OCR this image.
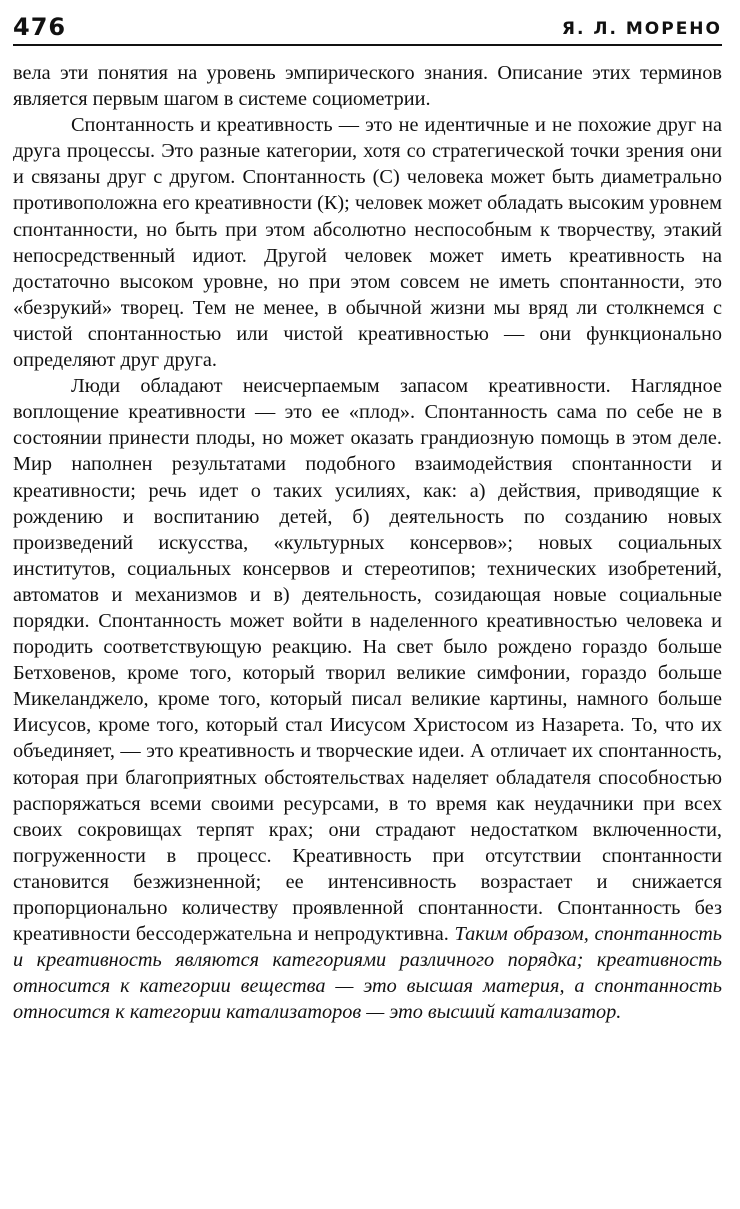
476	Я. Л. МОРЕНО

вела эти понятия на уровень эмпирического знания. Описание этих терминов является первым шагом в системе социометрии.

Спонтанность и креативность — это не идентичные и не похожие друг на друга процессы. Это разные категории, хотя со стратегической точки зрения они и связаны друг с другом. Спонтанность (С) человека может быть диаметрально противоположна его креативности (К); человек может обладать высоким уровнем спонтанности, но быть при этом абсолютно неспособным к творчеству, этакий непосредственный идиот. Другой человек может иметь креативность на достаточно высоком уровне, но при этом совсем не иметь спонтанности, это «безрукий» творец. Тем не менее, в обычной жизни мы вряд ли столкнемся с чистой спонтанностью или чистой креативностью — они функционально определяют друг друга.

Люди обладают неисчерпаемым запасом креативности. Наглядное воплощение креативности — это ее «плод». Спонтанность сама по себе не в состоянии принести плоды, но может оказать грандиозную помощь в этом деле. Мир наполнен результатами подобного взаимодействия спонтанности и креативности; речь идет о таких усилиях, как: а) действия, приводящие к рождению и воспитанию детей, б) деятельность по созданию новых произведений искусства, «культурных консервов»; новых социальных институтов, социальных консервов и стереотипов; технических изобретений, автоматов и механизмов и в) деятельность, созидающая новые социальные порядки. Спонтанность может войти в наделенного креативностью человека и породить соответствующую реакцию. На свет было рождено гораздо больше Бетховенов, кроме того, который творил великие симфонии, гораздо больше Микеланджело, кроме того, который писал великие картины, намного больше Иисусов, кроме того, который стал Иисусом Христосом из Назарета. То, что их объединяет, — это креативность и творческие идеи. А отличает их спонтанность, которая при благоприятных обстоятельствах наделяет обладателя способностью распоряжаться всеми своими ресурсами, в то время как неудачники при всех своих сокровищах терпят крах; они страдают недостатком включенности, погруженности в процесс. Креативность при отсутствии спонтанности становится безжизненной; ее интенсивность возрастает и снижается пропорционально количеству проявленной спонтанности. Спонтанность без креативности бессодержательна и непродуктивна. Таким образом, спонтанность и креативность являются категориями различного порядка; креативность относится к категории вещества — это высшая материя, а спонтанность относится к категории катализаторов — это высший катализатор.
